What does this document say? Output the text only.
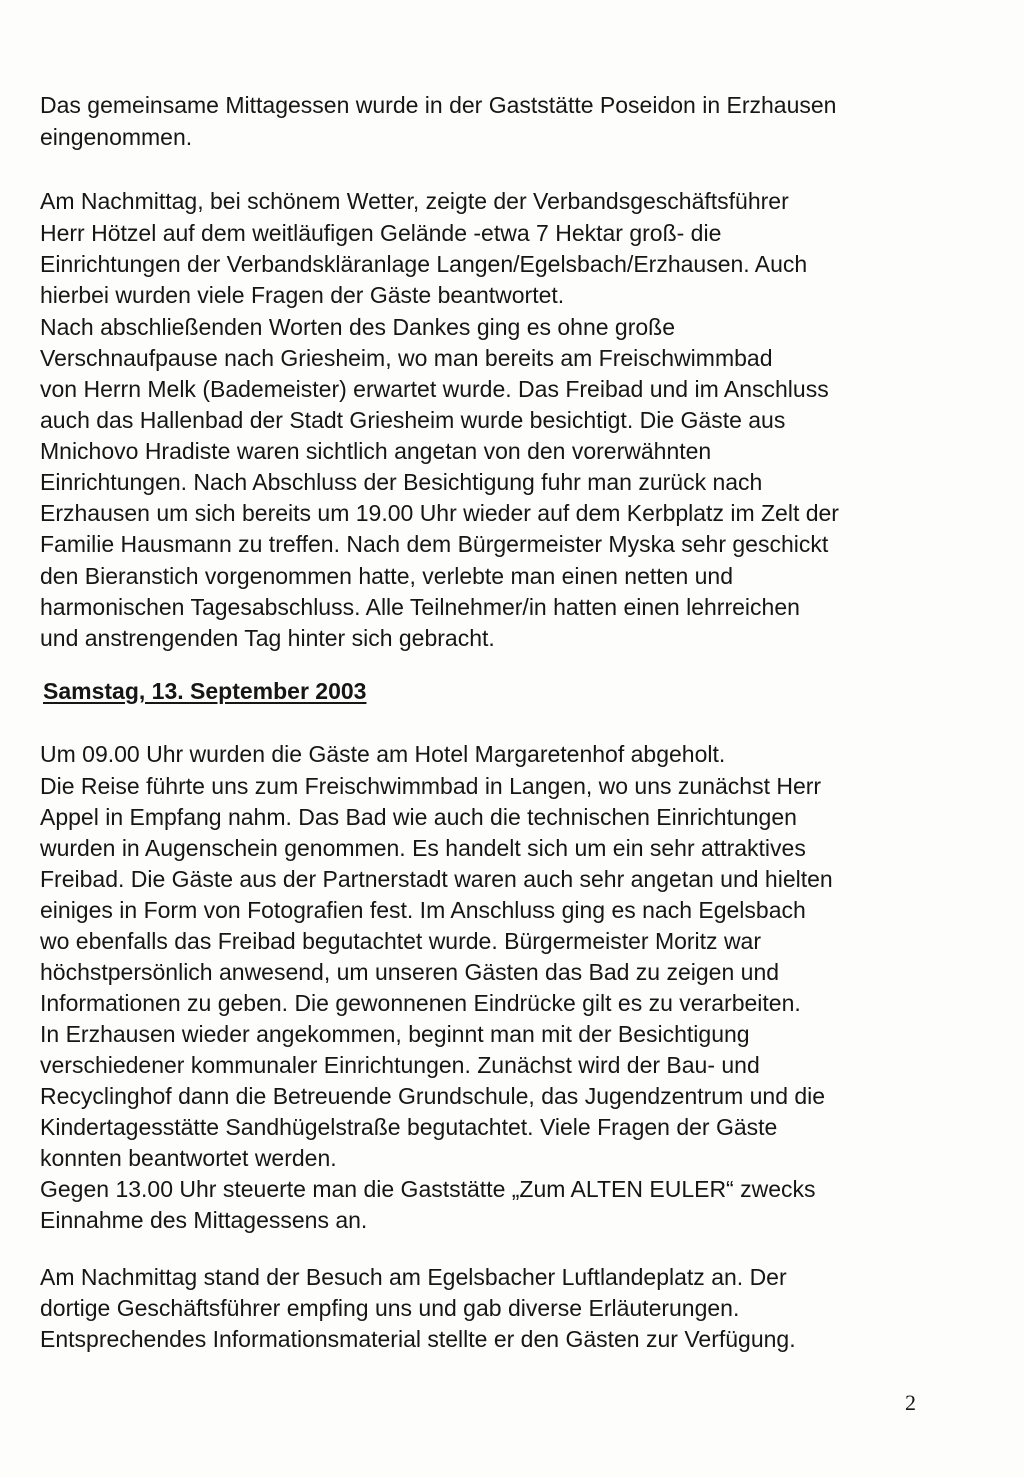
Das gemeinsame Mittagessen wurde in der Gaststätte Poseidon in Erzhausen
eingenommen.
Am Nachmittag, bei schönem Wetter, zeigte der Verbandsgeschäftsführer
Herr Hötzel auf dem weitläufigen Gelände -etwa 7 Hektar groß- die
Einrichtungen der Verbandskläranlage Langen/Egelsbach/Erzhausen. Auch
hierbei wurden viele Fragen der Gäste beantwortet.
Nach abschließenden Worten des Dankes ging es ohne große
Verschnaufpause nach Griesheim, wo man bereits am Freischwimmbad
von Herrn Melk (Bademeister) erwartet wurde. Das Freibad und im Anschluss
auch das Hallenbad der Stadt Griesheim wurde besichtigt. Die Gäste aus
Mnichovo Hradiste waren sichtlich angetan von den vorerwähnten
Einrichtungen. Nach Abschluss der Besichtigung fuhr man zurück nach
Erzhausen um sich bereits um 19.00 Uhr wieder auf dem Kerbplatz im Zelt der
Familie Hausmann zu treffen. Nach dem Bürgermeister Myska sehr geschickt
den Bieranstich vorgenommen hatte, verlebte man einen netten und
harmonischen Tagesabschluss. Alle Teilnehmer/in hatten einen lehrreichen
und anstrengenden Tag hinter sich gebracht.
Samstag, 13. September 2003
Um 09.00 Uhr wurden die Gäste am Hotel Margaretenhof abgeholt.
Die Reise führte uns zum Freischwimmbad in Langen, wo uns zunächst Herr
Appel in Empfang nahm. Das Bad wie auch die technischen Einrichtungen
wurden in Augenschein genommen. Es handelt sich um ein sehr attraktives
Freibad. Die Gäste aus der Partnerstadt waren auch sehr angetan und hielten
einiges in Form von Fotografien fest. Im Anschluss ging es nach Egelsbach
wo ebenfalls das Freibad begutachtet wurde. Bürgermeister Moritz war
höchstpersönlich anwesend, um unseren Gästen das Bad zu zeigen und
Informationen zu geben. Die gewonnenen Eindrücke gilt es zu verarbeiten.
In Erzhausen wieder angekommen, beginnt man mit der Besichtigung
verschiedener kommunaler Einrichtungen. Zunächst wird der Bau- und
Recyclinghof dann die Betreuende Grundschule, das Jugendzentrum und die
Kindertagesstätte Sandhügelstraße begutachtet. Viele Fragen der Gäste
konnten beantwortet werden.
Gegen 13.00 Uhr steuerte man die Gaststätte „Zum ALTEN EULER“ zwecks
Einnahme des Mittagessens an.
Am Nachmittag stand der Besuch am Egelsbacher Luftlandeplatz an. Der
dortige Geschäftsführer empfing uns und gab diverse Erläuterungen.
Entsprechendes Informationsmaterial stellte er den Gästen zur Verfügung.
2
